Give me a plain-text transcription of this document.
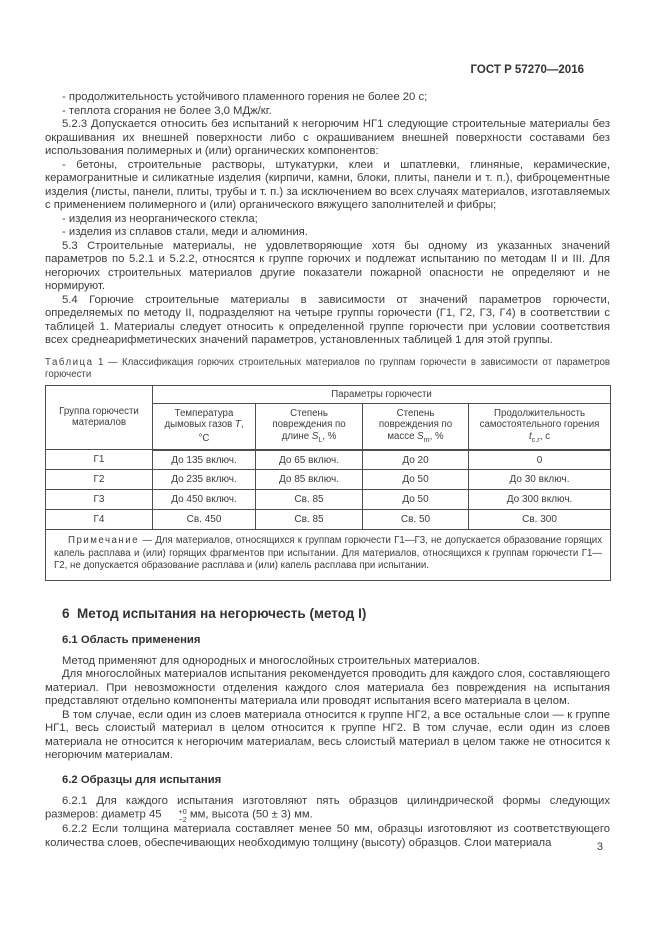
ГОСТ Р 57270—2016

- продолжительность устойчивого пламенного горения не более 20 с;

- теплота сгорания не более 3,0 МДж/кг.

5.2.3 Допускается относить без испытаний к негорючим НГ1 следующие строительные материалы без окрашивания их внешней поверхности либо с окрашиванием внешней поверхности составами без использования полимерных и (или) органических компонентов:

- бетоны, строительные растворы, штукатурки, клеи и шпатлевки, глиняные, керамические, керамогранитные и силикатные изделия (кирпичи, камни, блоки, плиты, панели и т. п.), фиброцементные изделия (листы, панели, плиты, трубы и т. п.) за исключением во всех случаях материалов, изготавляемых с применением полимерного и (или) органического вяжущего заполнителей и фибры;

- изделия из неорганического стекла;

- изделия из сплавов стали, меди и алюминия.

5.3 Строительные материалы, не удовлетворяющие хотя бы одному из указанных значений параметров по 5.2.1 и 5.2.2, относятся к группе горючих и подлежат испытанию по методам II и III. Для негорючих строительных материалов другие показатели пожарной опасности не определяют и не нормируют.

5.4 Горючие строительные материалы в зависимости от значений параметров горючести, определяемых по методу II, подразделяют на четыре группы горючести (Г1, Г2, Г3, Г4) в соответствии с таблицей 1. Материалы следует относить к определенной группе горючести при условии соответствия всех среднеарифметических значений параметров, установленных таблицей 1 для этой группы.

Таблица 1 — Классификация горючих строительных материалов по группам горючести в зависимости от параметров горючести
Группа горючести материалов	Параметры горючести			
	Температура дымовых газов T, °С	Степень повреждения по длине $S_L$, %	Степень повреждения по массе $S_m$, %	Продолжительность самостоятельного горения $t_{с.г}$, с
Г1	До 135 включ.	До 65 включ.	До 20	0
Г2	До 235 включ.	До 85 включ.	До 50	До 30 включ.
Г3	До 450 включ.	Св. 85	До 50	До 300 включ.
Г4	Св. 450	Св. 85	Св. 50	Св. 300

Примечание — Для материалов, относящихся к группам горючести Г1—Г3, не допускается образование горящих капель расплава и (или) горящих фрагментов при испытании. Для материалов, относящихся к группам горючести Г1—Г2, не допускается образование расплава и (или) капель расплава при испытании.				
6  Метод испытания на негорючесть (метод I)
6.1 Область применения

Метод применяют для однородных и многослойных строительных материалов.

Для многослойных материалов испытания рекомендуется проводить для каждого слоя, составляющего материал. При невозможности отделения каждого слоя материала без повреждения на испытания представляют отдельно компоненты материала или проводят испытания всего материала в целом.

В том случае, если один из слоев материала относится к группе НГ2, а все остальные слои — к группе НГ1, весь слоистый материал в целом относится к группе НГ2. В том случае, если один из слоев материала не относится к негорючим материалам, весь слоистый материал в целом также не относится к негорючим материалам.

6.2 Образцы для испытания

6.2.1 Для каждого испытания изготовляют пять образцов цилиндрической формы следующих размеров: диаметр 45	+0
−2 мм, высота (50 ± 3) мм.

6.2.2 Если толщина материала составляет менее 50 мм, образцы изготовляют из соответствующего количества слоев, обеспечивающих необходимую толщину (высоту) образцов. Слои материала	3
